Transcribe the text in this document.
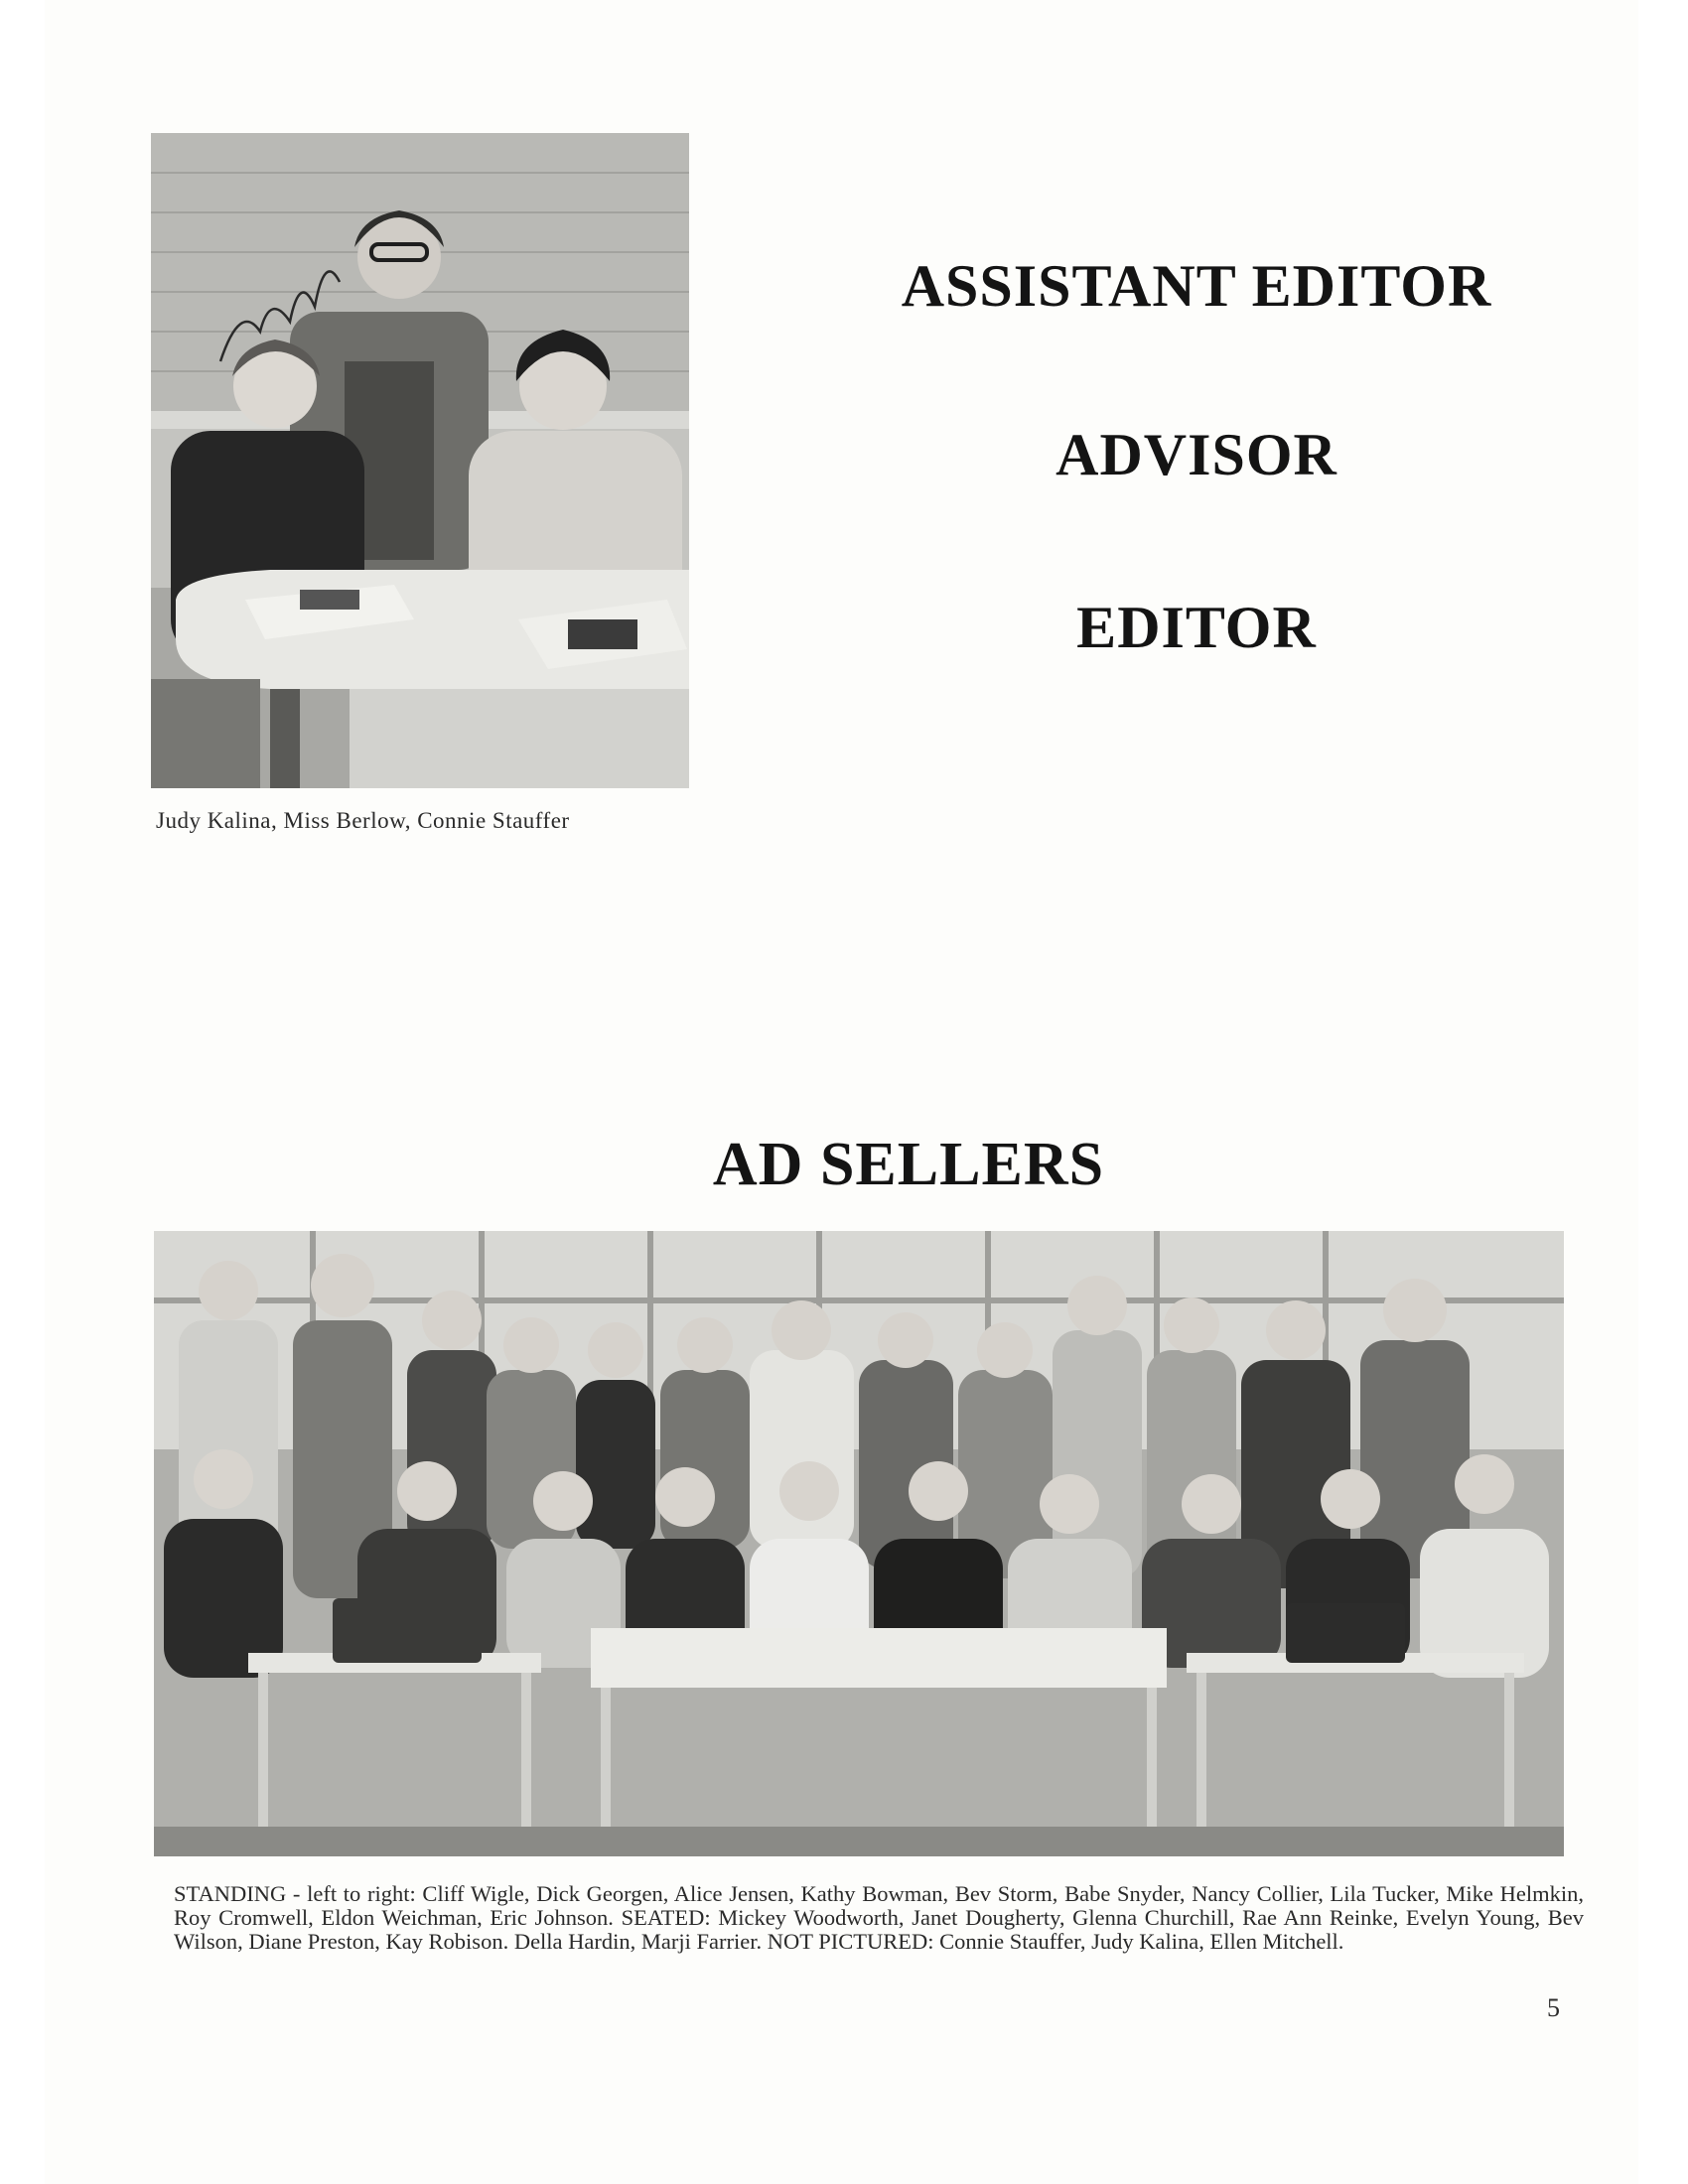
Judy Kalina, Miss Berlow, Connie Stauffer
ASSISTANT EDITOR
ADVISOR
EDITOR
AD SELLERS
STANDING - left to right: Cliff Wigle, Dick Georgen, Alice Jensen, Kathy Bowman, Bev Storm, Babe Snyder, Nancy Collier, Lila Tucker, Mike Helmkin, Roy Cromwell, Eldon Weichman, Eric Johnson. SEATED: Mickey Woodworth, Janet Dougherty, Glenna Churchill, Rae Ann Reinke, Evelyn Young, Bev Wilson, Diane Preston, Kay Robison. Della Hardin, Marji Farrier. NOT PICTURED: Connie Stauffer, Judy Kalina, Ellen Mitchell.
5
